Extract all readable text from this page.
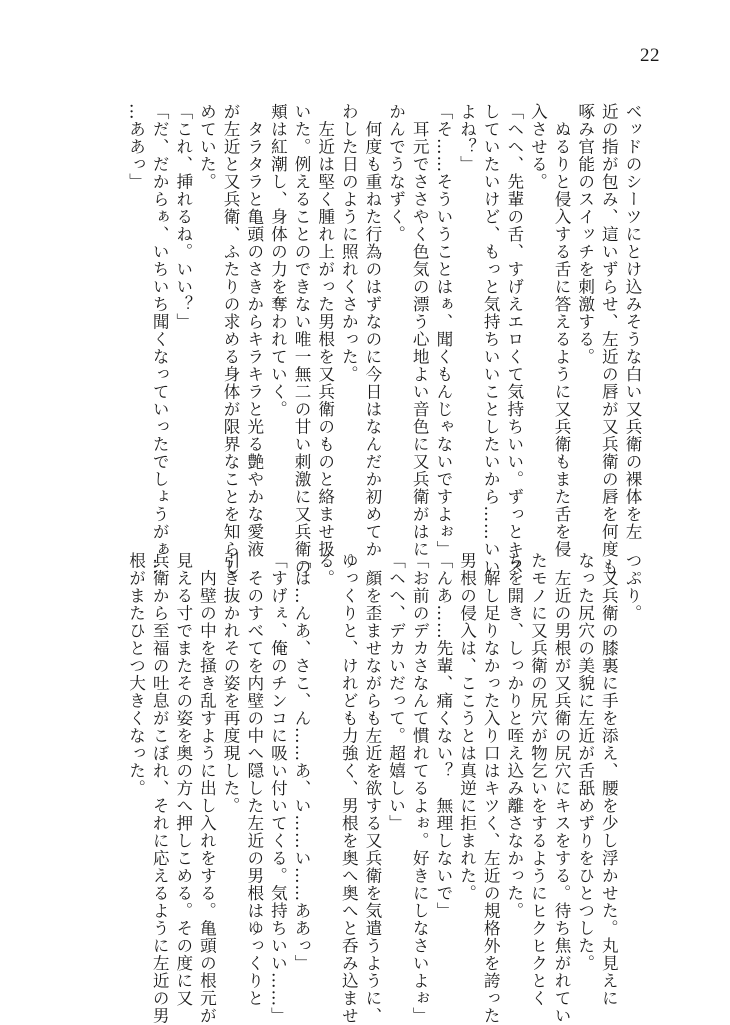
22
ベッドのシーツにとけ込みそうな白い又兵衛の裸体を左
近の指が包み、這いずらせ、左近の唇が又兵衛の唇を何度も
啄み官能のスイッチを刺激する。
　ぬるりと侵入する舌に答えるように又兵衛もまた舌を侵
入させる。
「ヘヘ、先輩の舌、すげえエロくて気持ちいい。ずっとキス
していたいけど、もっと気持ちいいことしたいから……いい
よね？」
「そ……そういうことはぁ、聞くもんじゃないですよぉ」
　耳元でささやく色気の漂う心地よい音色に又兵衛がはに
かんでうなずく。
　何度も重ねた行為のはずなのに今日はなんだか初めてか
わした日のように照れくさかった。
　左近は堅く腫れ上がった男根を又兵衛のものと絡ませ扱
いた。例えることのできない唯一無二の甘い刺激に又兵衛の
頬は紅潮し、身体の力を奪われていく。
　タラタラと亀頭のさきからキラキラと光る艶やかな愛液
が左近と又兵衛、ふたりの求める身体が限界なことを知らし
めていた。
「これ、挿れるね。いい？」
「だ、だからぁ、いちいち聞くなっていったでしょうがぁ…
…ああっ」
つぷり。
　又兵衛の膝裏に手を添え、腰を少し浮かせた。丸見えに
なった尻穴の美貌に左近が舌舐めずりをひとつした。
　左近の男根が又兵衛の尻穴にキスをする。待ち焦がれてい
たモノに又兵衛の尻穴が物乞いをするようにヒクヒクとく
ちを開き、しっかりと咥え込み離さなかった。
　解し足りなかった入り口はキツく、左近の規格外を誇った
男根の侵入は、ここうとは真逆に拒まれた。
「んあ……先輩、痛くない？　無理しないで」
「お前のデカさなんて慣れてるよぉ。好きにしなさいよぉ」
「ヘヘ、デカいだって。超嬉しい」
　顔を歪ませながらも左近を欲する又兵衛を気遣うように、
ゆっくりと、けれども力強く、男根を奥へ奥へと呑み込ませ
る。
「は…んあ、さこ、ん……あ、い……い……ああっ」
「すげぇ、俺のチンコに吸い付いてくる。気持ちいい……」
　そのすべてを内壁の中へ隠した左近の男根はゆっくりと
引き抜かれその姿を再度現した。
　内壁の中を掻き乱すように出し入れをする。亀頭の根元が
見える寸でまたその姿を奥の方へ押しこめる。その度に又
兵衛から至福の吐息がこぼれ、それに応えるように左近の男
根がまたひとつ大きくなった。
